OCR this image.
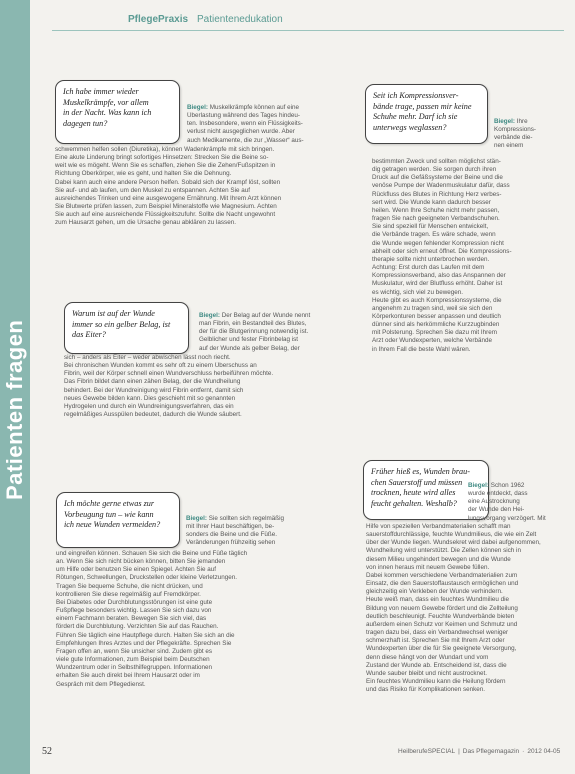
Patienten fragen
PflegePraxis Patientenedukation
Ich habe immer wieder
Muskelkrämpfe, vor allem
in der Nacht. Was kann ich
dagegen tun?
Biegel: Muskelkrämpfe können auf eine
Überlastung während des Tages hindeu-
ten. Insbesondere, wenn ein Flüssigkeits-
verlust nicht ausgeglichen wurde. Aber
auch Medikamente, die zur „Wasser“ aus-
schwemmen helfen sollen (Diuretika), können Wadenkrämpfe mit sich bringen.
Eine akute Linderung bringt sofortiges Hinsetzen: Strecken Sie die Beine so-
weit wie es mögeht. Wenn Sie es schaffen, ziehen Sie die Zehen/Fußspitzen in
Richtung Oberkörper, wie es geht, und halten Sie die Dehnung.
Dabei kann auch eine andere Person helfen. Sobald sich der Krampf löst, sollten
Sie auf- und ab laufen, um den Muskel zu entspannen. Achten Sie auf
ausreichendes Trinken und eine ausgewogene Ernährung. Mit Ihrem Arzt können
Sie Blutwerte prüfen lassen, zum Beispiel Mineralstoffe wie Magnesium. Achten
Sie auch auf eine ausreichende Flüssigkeitszufuhr. Sollte die Nacht ungewohnt
zum Hausarzt gehen, um die Ursache genau abklären zu lassen.
Seit ich Kompressionsver-
bände trage, passen mir keine
Schuhe mehr. Darf ich sie
unterwegs weglassen?
Biegel: Ihre
Kompressions-
verbände die-
nen einem
bestimmten Zweck und sollten möglichst stän-
dig getragen werden. Sie sorgen durch ihren
Druck auf die Gefäßsysteme der Beine und die
venöse Pumpe der Wadenmuskulatur dafür, dass
Rückfluss des Blutes in Richtung Herz verbes-
sert wird. Die Wunde kann dadurch besser
heilen. Wenn Ihre Schuhe nicht mehr passen,
fragen Sie nach geeigneten Verbandschuhen.
Sie sind speziell für Menschen entwickelt,
die Verbände tragen. Es wäre schade, wenn
die Wunde wegen fehlender Kompression nicht
abheilt oder sich erneut öffnet. Die Kompressions-
therapie sollte nicht unterbrochen werden.
Achtung: Erst durch das Laufen mit dem
Kompressionsverband, also das Anspannen der
Muskulatur, wird der Blutfluss erhöht. Daher ist
es wichtig, sich viel zu bewegen.
Heute gibt es auch Kompressionssysteme, die
angenehm zu tragen sind, weil sie sich den
Körperkonturen besser anpassen und deutlich
dünner sind als herkömmliche Kurzzugbinden
mit Polsterung. Sprechen Sie dazu mit Ihrem
Arzt oder Wundexperten, welche Verbände
in Ihrem Fall die beste Wahl wären.
Warum ist auf der Wunde
immer so ein gelber Belag, ist
das Eiter?
Biegel: Der Belag auf der Wunde nennt
man Fibrin, ein Bestandteil des Blutes,
der für die Blutgerinnung notwendig ist.
Gelblicher und fester Fibrinbelag ist
auf der Wunde als gelber Belag, der
sich – anders als Eiter – weder abwischen lässt noch riecht.
Bei chronischen Wunden kommt es sehr oft zu einem Überschuss an
Fibrin, weil der Körper schnell einen Wundverschluss herbeiführen möchte.
Das Fibrin bildet dann einen zähen Belag, der die Wundheilung
behindert. Bei der Wundreinigung wird Fibrin entfernt, damit sich
neues Gewebe bilden kann. Dies geschieht mit so genannten
Hydrogelen und durch ein Wundreinigungsverfahren, das ein
regelmäßiges Ausspülen bedeutet, dadurch die Wunde säubert.
Früher hieß es, Wunden brau-
chen Sauerstoff und müssen
trocknen, heute wird alles
feucht gehalten. Weshalb?
Biegel: Schon 1962
wurde entdeckt, dass
eine Austrocknung
der Wunde den Hei-
lungsvorgang verzögert. Mit
Hilfe von speziellen Verbandmaterialien schafft man
sauerstoffdurchlässige, feuchte Wundmilieus, die wie ein Zelt
über der Wunde liegen. Wundsekret wird dabei aufgenommen,
Wundheilung wird unterstützt. Die Zellen können sich in
diesem Milieu ungehindert bewegen und die Wunde
von innen heraus mit neuem Gewebe füllen.
Dabei kommen verschiedene Verbandmaterialien zum
Einsatz, die den Sauerstoffaustausch ermöglichen und
gleichzeitig ein Verkleben der Wunde verhindern.
Heute weiß man, dass ein feuchtes Wundmilieu die
Bildung von neuem Gewebe fördert und die Zellteilung
deutlich beschleunigt. Feuchte Wundverbände bieten
außerdem einen Schutz vor Keimen und Schmutz und
tragen dazu bei, dass ein Verbandwechsel weniger
schmerzhaft ist. Sprechen Sie mit Ihrem Arzt oder
Wundexperten über die für Sie geeignete Versorgung,
denn diese hängt von der Wundart und vom
Zustand der Wunde ab. Entscheidend ist, dass die
Wunde sauber bleibt und nicht austrocknet.
Ein feuchtes Wundmilieu kann die Heilung fördern
und das Risiko für Komplikationen senken.
Ich möchte gerne etwas zur
Vorbeugung tun – wie kann
ich neue Wunden vermeiden?
Biegel: Sie sollten sich regelmäßig
mit Ihrer Haut beschäftigen, be-
sonders die Beine und die Füße.
Veränderungen frühzeitig sehen
und eingreifen können. Schauen Sie sich die Beine und Füße täglich
an. Wenn Sie sich nicht bücken können, bitten Sie jemanden
um Hilfe oder benutzen Sie einen Spiegel. Achten Sie auf
Rötungen, Schwellungen, Druckstellen oder kleine Verletzungen.
Tragen Sie bequeme Schuhe, die nicht drücken, und
kontrollieren Sie diese regelmäßig auf Fremdkörper.
Bei Diabetes oder Durchblutungsstörungen ist eine gute
Fußpflege besonders wichtig. Lassen Sie sich dazu von
einem Fachmann beraten. Bewegen Sie sich viel, das
fördert die Durchblutung. Verzichten Sie auf das Rauchen.
Führen Sie täglich eine Hautpflege durch. Halten Sie sich an die
Empfehlungen Ihres Arztes und der Pflegekräfte. Sprechen Sie
Fragen offen an, wenn Sie unsicher sind. Zudem gibt es
viele gute Informationen, zum Beispiel beim Deutschen
Wundzentrum oder in Selbsthilfegruppen. Informationen
erhalten Sie auch direkt bei Ihrem Hausarzt oder im
Gespräch mit dem Pflegedienst.
52	HeilberufeSPECIAL | Das Pflegemagazin · 2012 04-05
